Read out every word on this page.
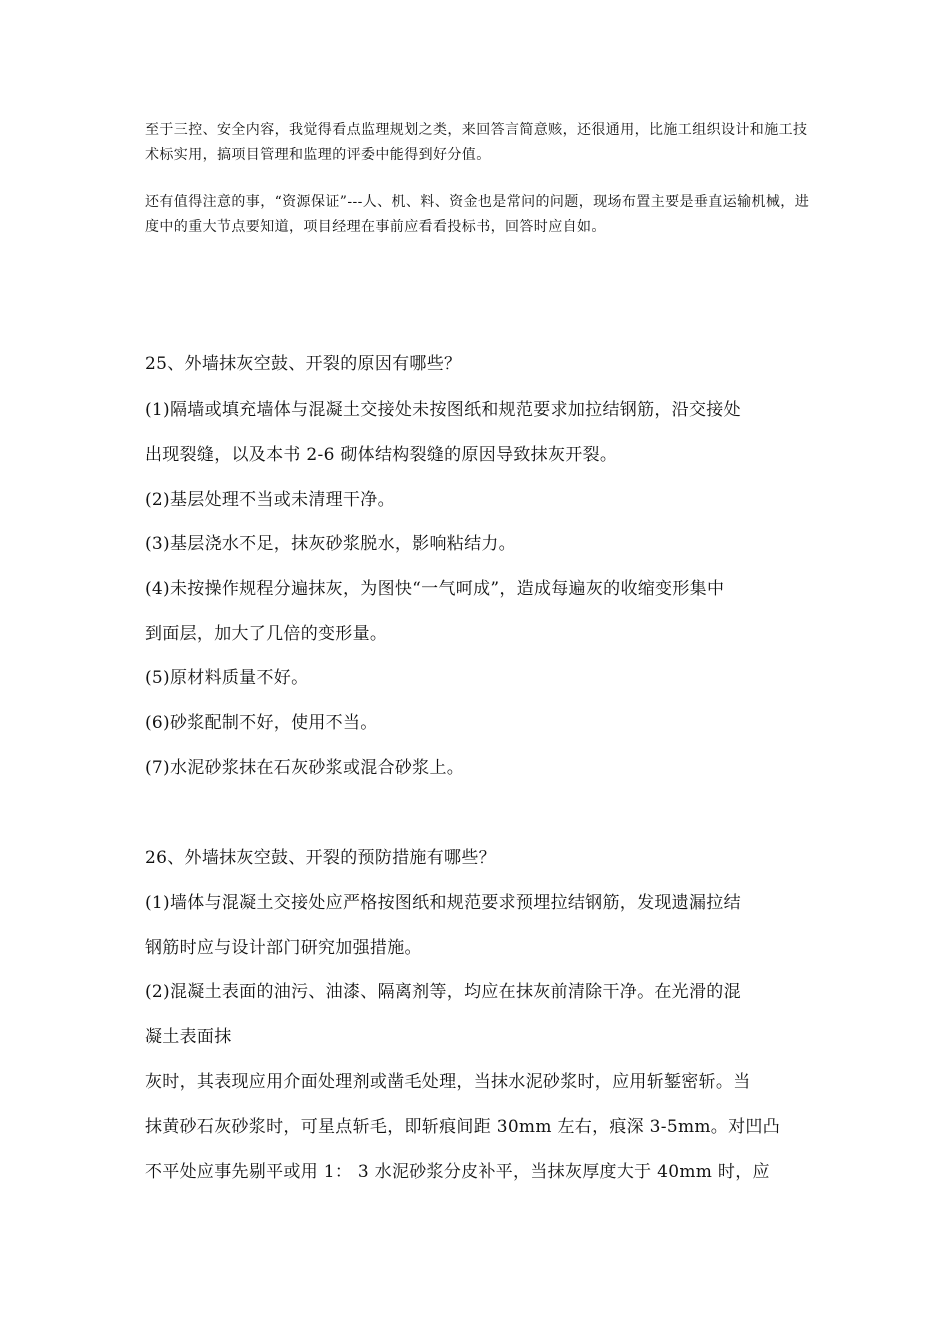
至于三控、安全内容，我觉得看点监理规划之类，来回答言简意赅，还很通用，比施工组织设计和施工技术标实用，搞项目管理和监理的评委中能得到好分值。

还有值得注意的事，“资源保证”---人、机、料、资金也是常问的问题，现场布置主要是垂直运输机械，进度中的重大节点要知道，项目经理在事前应看看投标书，回答时应自如。

25、外墙抹灰空鼓、开裂的原因有哪些？

(1)隔墙或填充墙体与混凝土交接处未按图纸和规范要求加拉结钢筋，沿交接处

出现裂缝，以及本书 2-6 砌体结构裂缝的原因导致抹灰开裂。

(2)基层处理不当或未清理干净。

(3)基层浇水不足，抹灰砂浆脱水，影响粘结力。

(4)未按操作规程分遍抹灰，为图快“一气呵成”，造成每遍灰的收缩变形集中

到面层，加大了几倍的变形量。

(5)原材料质量不好。

(6)砂浆配制不好，使用不当。

(7)水泥砂浆抹在石灰砂浆或混合砂浆上。

26、外墙抹灰空鼓、开裂的预防措施有哪些？

(1)墙体与混凝土交接处应严格按图纸和规范要求预埋拉结钢筋，发现遗漏拉结

钢筋时应与设计部门研究加强措施。

(2)混凝土表面的油污、油漆、隔离剂等，均应在抹灰前清除干净。在光滑的混

凝土表面抹

灰时，其表现应用介面处理剂或凿毛处理，当抹水泥砂浆时，应用斩錾密斩。当

抹黄砂石灰砂浆时，可星点斩毛，即斩痕间距 30mm 左右，痕深 3-5mm。对凹凸

不平处应事先剔平或用 1： 3 水泥砂浆分皮补平，当抹灰厚度大于 40mm 时，应
